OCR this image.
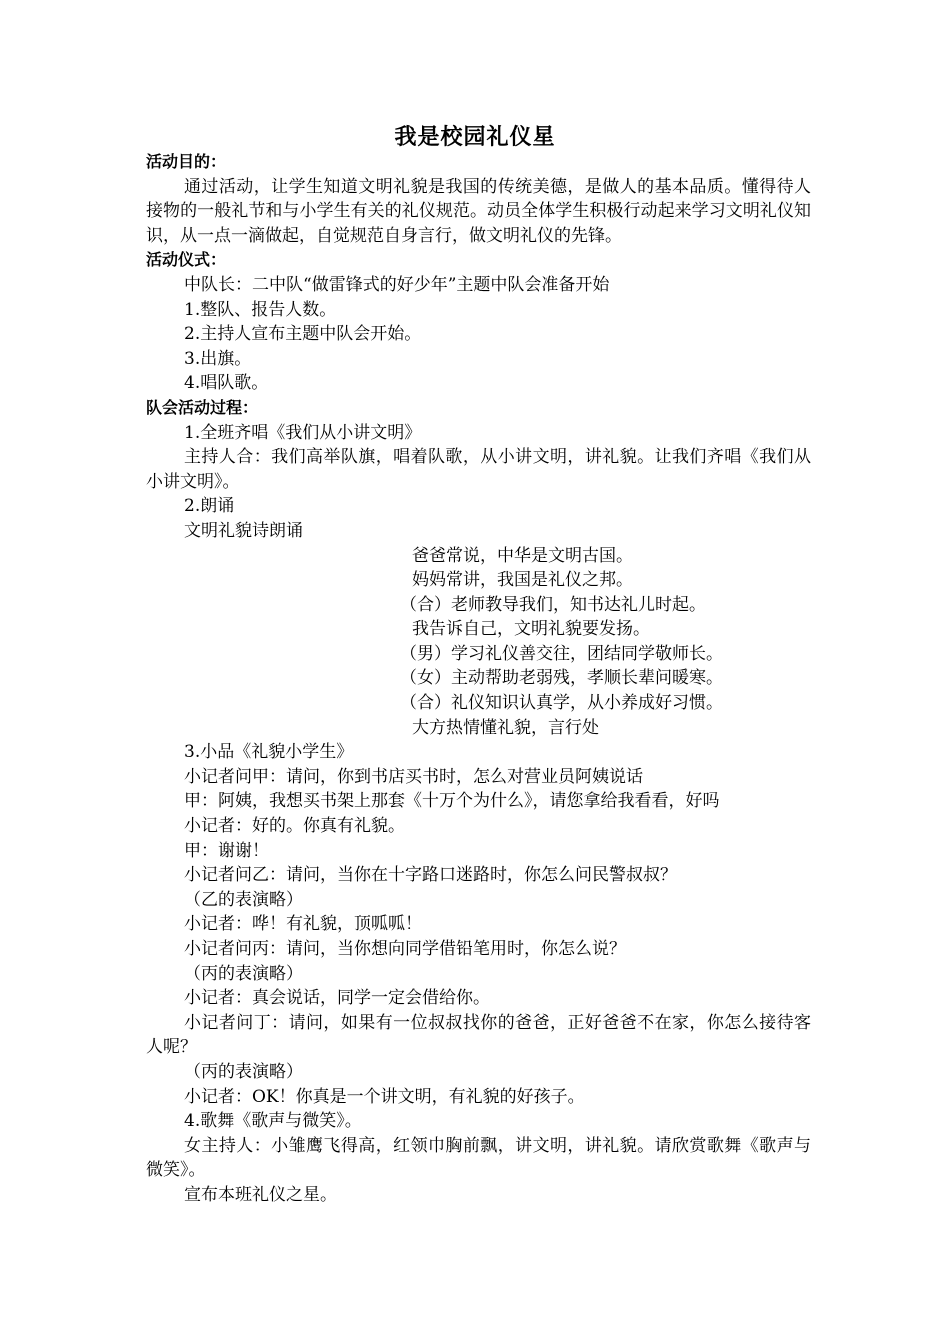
我是校园礼仪星
活动目的：
通过活动，让学生知道文明礼貌是我国的传统美德，是做人的基本品质。懂得待人接物的一般礼节和与小学生有关的礼仪规范。动员全体学生积极行动起来学习文明礼仪知识，从一点一滴做起，自觉规范自身言行，做文明礼仪的先锋。
活动仪式：
中队长：二中队“做雷锋式的好少年”主题中队会准备开始
1.整队、报告人数。
2.主持人宣布主题中队会开始。
3.出旗。
4.唱队歌。
队会活动过程：
1.全班齐唱《我们从小讲文明》
主持人合：我们高举队旗，唱着队歌，从小讲文明，讲礼貌。让我们齐唱《我们从小讲文明》。
2.朗诵
文明礼貌诗朗诵
爸爸常说，中华是文明古国。
妈妈常讲，我国是礼仪之邦。
（合）老师教导我们，知书达礼儿时起。
我告诉自己，文明礼貌要发扬。
（男）学习礼仪善交往，团结同学敬师长。
（女）主动帮助老弱残，孝顺长辈问暖寒。
（合）礼仪知识认真学，从小养成好习惯。
大方热情懂礼貌，言行处
3.小品《礼貌小学生》
小记者问甲：请问，你到书店买书时，怎么对营业员阿姨说话
甲：阿姨，我想买书架上那套《十万个为什么》，请您拿给我看看，好吗
小记者：好的。你真有礼貌。
甲：谢谢！
小记者问乙：请问，当你在十字路口迷路时，你怎么问民警叔叔？
（乙的表演略）
小记者：哗！有礼貌，顶呱呱！
小记者问丙：请问，当你想向同学借铅笔用时，你怎么说？
（丙的表演略）
小记者：真会说话，同学一定会借给你。
小记者问丁：请问，如果有一位叔叔找你的爸爸，正好爸爸不在家，你怎么接待客人呢？
（丙的表演略）
小记者：OK！你真是一个讲文明，有礼貌的好孩子。
4.歌舞《歌声与微笑》。
女主持人：小雏鹰飞得高，红领巾胸前飘，讲文明，讲礼貌。请欣赏歌舞《歌声与微笑》。
宣布本班礼仪之星。
